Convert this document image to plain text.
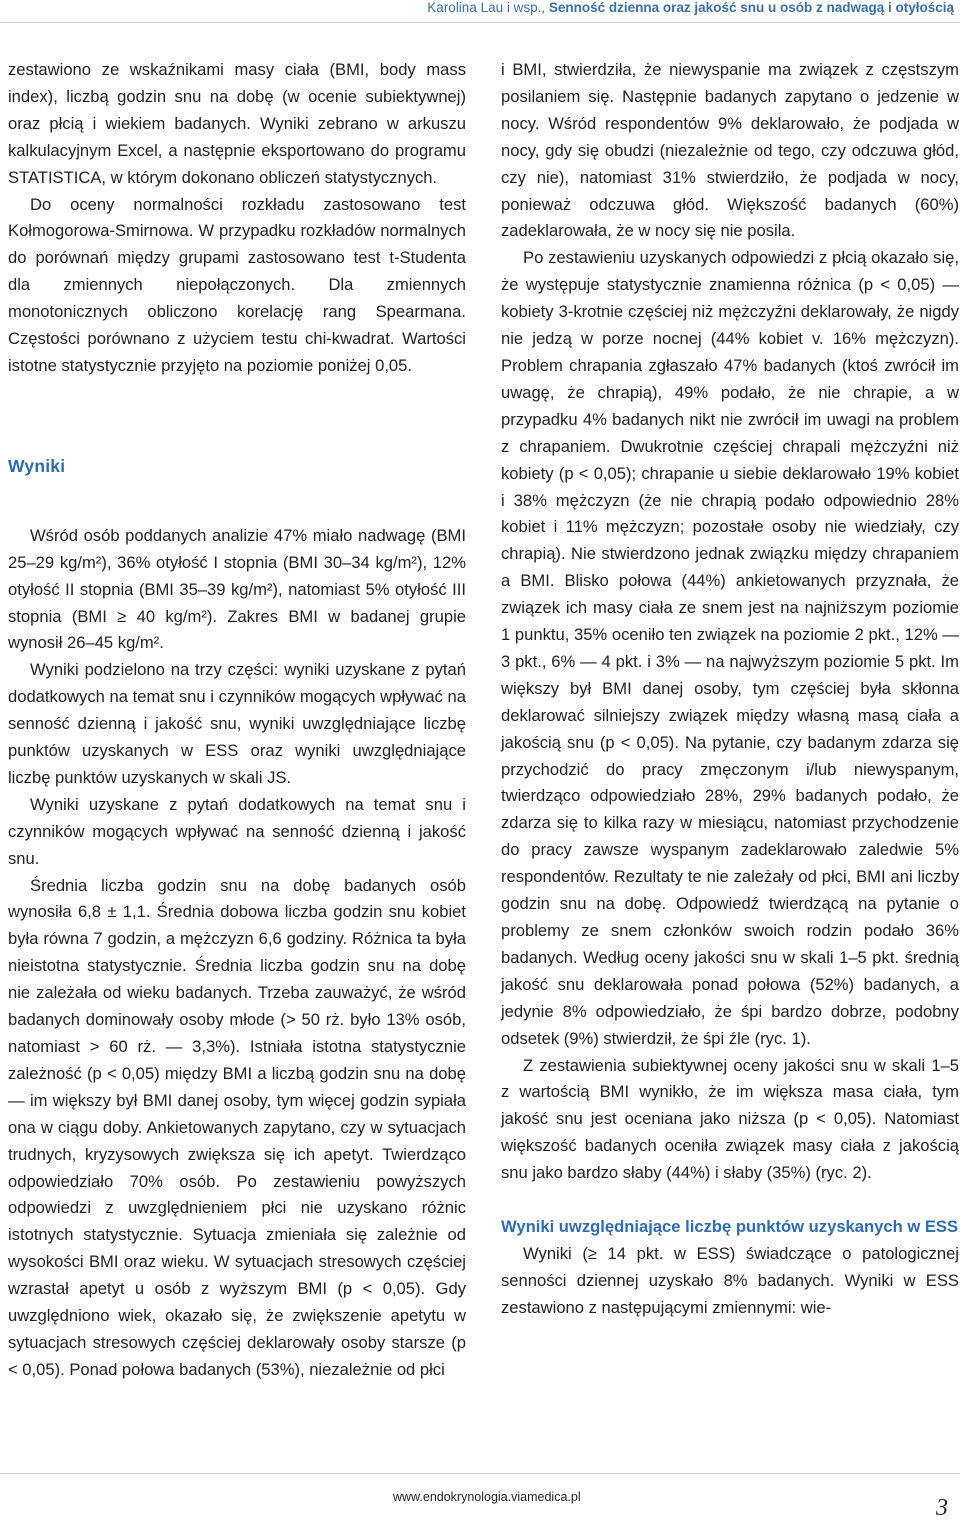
Karolina Lau i wsp., Senność dzienna oraz jakość snu u osób z nadwagą i otyłością

zestawiono ze wskaźnikami masy ciała (BMI, body mass index), liczbą godzin snu na dobę (w ocenie subiektywnej) oraz płcią i wiekiem badanych. Wyniki zebrano w arkuszu kalkulacyjnym Excel, a następnie eksportowano do programu STATISTICA, w którym dokonano obliczeń statystycznych.

Do oceny normalności rozkładu zastosowano test Kołmogorowa-Smirnowa. W przypadku rozkładów normalnych do porównań między grupami zastosowano test t-Studenta dla zmiennych niepołączonych. Dla zmiennych monotonicznych obliczono korelację rang Spearmana. Częstości porównano z użyciem testu chi-kwadrat. Wartości istotne statystycznie przyjęto na poziomie poniżej 0,05.

Wyniki

Wśród osób poddanych analizie 47% miało nadwagę (BMI 25–29 kg/m²), 36% otyłość I stopnia (BMI 30–34 kg/m²), 12% otyłość II stopnia (BMI 35–39 kg/m²), natomiast 5% otyłość III stopnia (BMI ≥ 40 kg/m²). Zakres BMI w badanej grupie wynosił 26–45 kg/m².

Wyniki podzielono na trzy części: wyniki uzyskane z pytań dodatkowych na temat snu i czynników mogących wpływać na senność dzienną i jakość snu, wyniki uwzględniające liczbę punktów uzyskanych w ESS oraz wyniki uwzględniające liczbę punktów uzyskanych w skali JS.

Wyniki uzyskane z pytań dodatkowych na temat snu i czynników mogących wpływać na senność dzienną i jakość snu.

Średnia liczba godzin snu na dobę badanych osób wynosiła 6,8 ± 1,1. Średnia dobowa liczba godzin snu kobiet była równa 7 godzin, a mężczyzn 6,6 godziny. Różnica ta była nieistotna statystycznie. Średnia liczba godzin snu na dobę nie zależała od wieku badanych. Trzeba zauważyć, że wśród badanych dominowały osoby młode (> 50 rż. było 13% osób, natomiast > 60 rż. — 3,3%). Istniała istotna statystycznie zależność (p < 0,05) między BMI a liczbą godzin snu na dobę — im większy był BMI danej osoby, tym więcej godzin sypiała ona w ciągu doby. Ankietowanych zapytano, czy w sytuacjach trudnych, kryzysowych zwiększa się ich apetyt. Twierdząco odpowiedziało 70% osób. Po zestawieniu powyższych odpowiedzi z uwzględnieniem płci nie uzyskano różnic istotnych statystycznie. Sytuacja zmieniała się zależnie od wysokości BMI oraz wieku. W sytuacjach stresowych częściej wzrastał apetyt u osób z wyższym BMI (p < 0,05). Gdy uwzględniono wiek, okazało się, że zwiększenie apetytu w sytuacjach stresowych częściej deklarowały osoby starsze (p < 0,05). Ponad połowa badanych (53%), niezależnie od płci

i BMI, stwierdziła, że niewyspanie ma związek z częstszym posilaniem się. Następnie badanych zapytano o jedzenie w nocy. Wśród respondentów 9% deklarowało, że podjada w nocy, gdy się obudzi (niezależnie od tego, czy odczuwa głód, czy nie), natomiast 31% stwierdziło, że podjada w nocy, ponieważ odczuwa głód. Większość badanych (60%) zadeklarowała, że w nocy się nie posila.

Po zestawieniu uzyskanych odpowiedzi z płcią okazało się, że występuje statystycznie znamienna różnica (p < 0,05) — kobiety 3-krotnie częściej niż mężczyźni deklarowały, że nigdy nie jedzą w porze nocnej (44% kobiet v. 16% mężczyzn). Problem chrapania zgłaszało 47% badanych (ktoś zwrócił im uwagę, że chrapią), 49% podało, że nie chrapie, a w przypadku 4% badanych nikt nie zwrócił im uwagi na problem z chrapaniem. Dwukrotnie częściej chrapali mężczyźni niż kobiety (p < 0,05); chrapanie u siebie deklarowało 19% kobiet i 38% mężczyzn (że nie chrapią podało odpowiednio 28% kobiet i 11% mężczyzn; pozostałe osoby nie wiedziały, czy chrapią). Nie stwierdzono jednak związku między chrapaniem a BMI. Blisko połowa (44%) ankietowanych przyznała, że związek ich masy ciała ze snem jest na najniższym poziomie 1 punktu, 35% oceniło ten związek na poziomie 2 pkt., 12% — 3 pkt., 6% — 4 pkt. i 3% — na najwyższym poziomie 5 pkt. Im większy był BMI danej osoby, tym częściej była skłonna deklarować silniejszy związek między własną masą ciała a jakością snu (p < 0,05). Na pytanie, czy badanym zdarza się przychodzić do pracy zmęczonym i/lub niewyspanym, twierdząco odpowiedziało 28%, 29% badanych podało, że zdarza się to kilka razy w miesiącu, natomiast przychodzenie do pracy zawsze wyspanym zadeklarowało zaledwie 5% respondentów. Rezultaty te nie zależały od płci, BMI ani liczby godzin snu na dobę. Odpowiedź twierdzącą na pytanie o problemy ze snem członków swoich rodzin podało 36% badanych. Według oceny jakości snu w skali 1–5 pkt. średnią jakość snu deklarowała ponad połowa (52%) badanych, a jedynie 8% odpowiedziało, że śpi bardzo dobrze, podobny odsetek (9%) stwierdził, że śpi źle (ryc. 1).

Z zestawienia subiektywnej oceny jakości snu w skali 1–5 z wartością BMI wynikło, że im większa masa ciała, tym jakość snu jest oceniana jako niższa (p < 0,05). Natomiast większość badanych oceniła związek masy ciała z jakością snu jako bardzo słaby (44%) i słaby (35%) (ryc. 2).

Wyniki uwzględniające liczbę punktów uzyskanych w ESS

Wyniki (≥ 14 pkt. w ESS) świadczące o patologicznej senności dziennej uzyskało 8% badanych. Wyniki w ESS zestawiono z następującymi zmiennymi: wie-

www.endokrynologia.viamedica.pl	3
